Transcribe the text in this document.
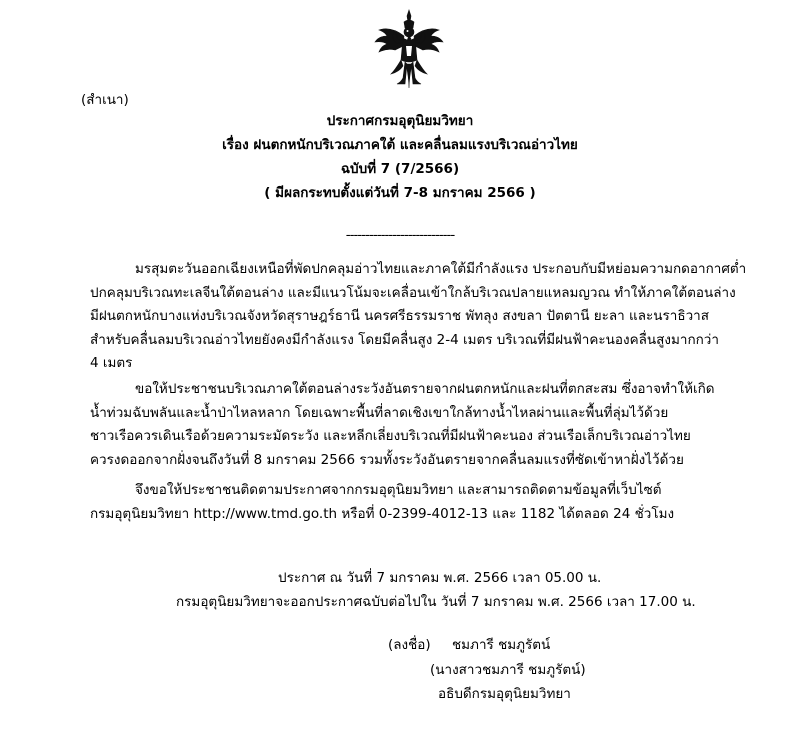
(สำเนา)
ประกาศกรมอุตุนิยมวิทยา
เรื่อง ฝนตกหนักบริเวณภาคใต้ และคลื่นลมแรงบริเวณอ่าวไทย
ฉบับที่ 7 (7/2566)
( มีผลกระทบตั้งแต่วันที่ 7-8 มกราคม 2566 )
----------------------------
มรสุมตะวันออกเฉียงเหนือที่พัดปกคลุมอ่าวไทยและภาคใต้มีกำลังแรง ประกอบกับมีหย่อมความกดอากาศต่ำ
ปกคลุมบริเวณทะเลจีนใต้ตอนล่าง และมีแนวโน้มจะเคลื่อนเข้าใกล้บริเวณปลายแหลมญวณ ทำให้ภาคใต้ตอนล่าง
มีฝนตกหนักบางแห่งบริเวณจังหวัดสุราษฎร์ธานี นครศรีธรรมราช พัทลุง สงขลา ปัตตานี ยะลา และนราธิวาส
สำหรับคลื่นลมบริเวณอ่าวไทยยังคงมีกำลังแรง โดยมีคลื่นสูง 2-4 เมตร บริเวณที่มีฝนฟ้าคะนองคลื่นสูงมากกว่า
4 เมตร
ขอให้ประชาชนบริเวณภาคใต้ตอนล่างระวังอันตรายจากฝนตกหนักและฝนที่ตกสะสม ซึ่งอาจทำให้เกิด
น้ำท่วมฉับพลันและน้ำป่าไหลหลาก โดยเฉพาะพื้นที่ลาดเชิงเขาใกล้ทางน้ำไหลผ่านและพื้นที่ลุ่มไว้ด้วย
ชาวเรือควรเดินเรือด้วยความระมัดระวัง และหลีกเลี่ยงบริเวณที่มีฝนฟ้าคะนอง ส่วนเรือเล็กบริเวณอ่าวไทย
ควรงดออกจากฝั่งจนถึงวันที่ 8 มกราคม 2566 รวมทั้งระวังอันตรายจากคลื่นลมแรงที่ซัดเข้าหาฝั่งไว้ด้วย
จึงขอให้ประชาชนติดตามประกาศจากกรมอุตุนิยมวิทยา และสามารถติดตามข้อมูลที่เว็บไซต์
กรมอุตุนิยมวิทยา http://www.tmd.go.th หรือที่ 0-2399-4012-13 และ 1182 ได้ตลอด 24 ชั่วโมง
ประกาศ ณ วันที่ 7 มกราคม พ.ศ. 2566 เวลา 05.00 น.
กรมอุตุนิยมวิทยาจะออกประกาศฉบับต่อไปใน วันที่ 7 มกราคม พ.ศ. 2566 เวลา 17.00 น.
(ลงชื่อ) ชมภารี ชมภูรัตน์
(นางสาวชมภารี ชมภูรัตน์)
อธิบดีกรมอุตุนิยมวิทยา
